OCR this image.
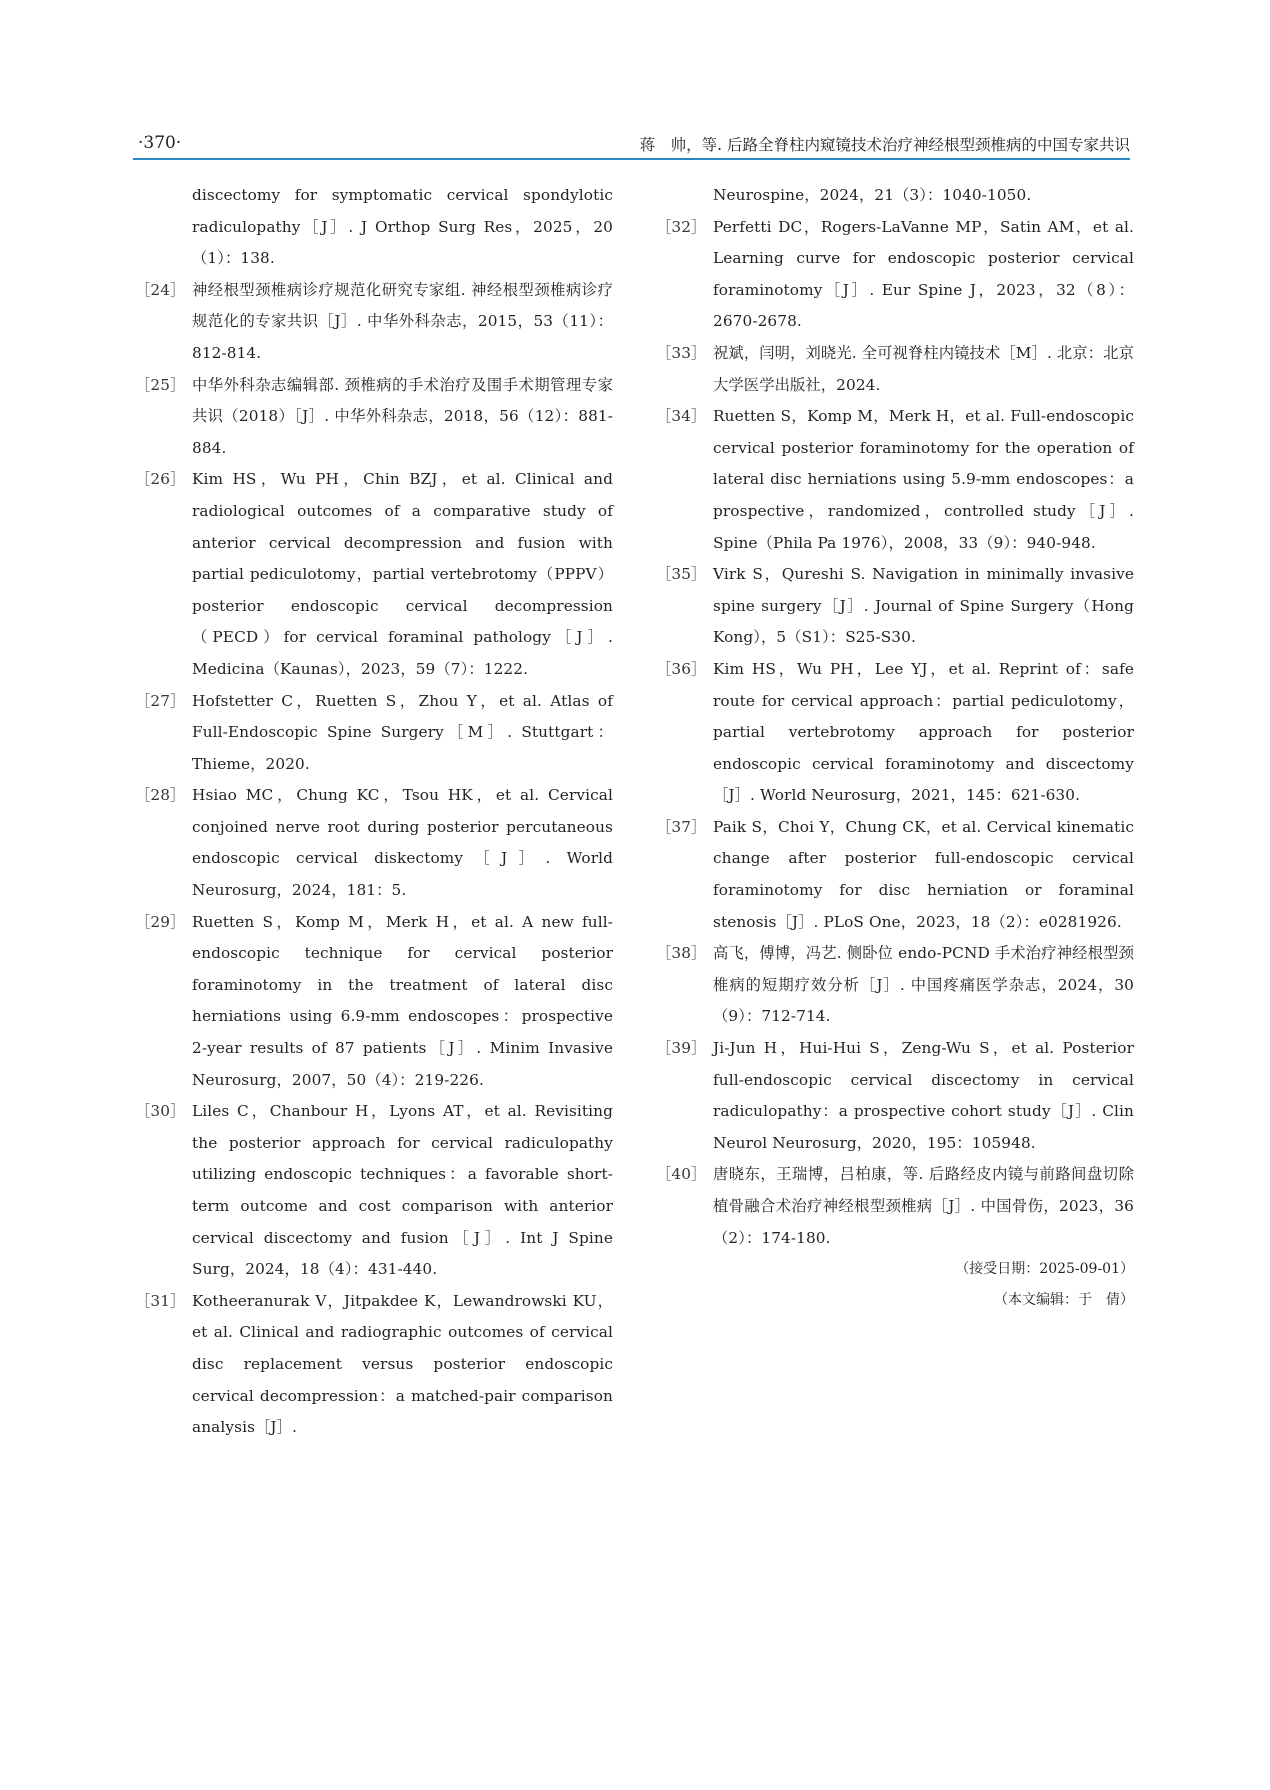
·370·	蒋　帅，等. 后路全脊柱内窥镜技术治疗神经根型颈椎病的中国专家共识
discectomy for symptomatic cervical spondylotic radiculopathy［J］. J Orthop Surg Res，2025，20（1）：138.
［24］ 神经根型颈椎病诊疗规范化研究专家组. 神经根型颈椎病诊疗规范化的专家共识［J］. 中华外科杂志，2015，53（11）：812-814.
［25］ 中华外科杂志编辑部. 颈椎病的手术治疗及围手术期管理专家共识（2018）［J］. 中华外科杂志，2018，56（12）：881-884.
［26］ Kim HS，Wu PH，Chin BZJ，et al. Clinical and radiological outcomes of a comparative study of anterior cervical decompression and fusion with partial pediculotomy，partial vertebrotomy（PPPV）posterior endoscopic cervical decompression（PECD）for cervical foraminal pathology［J］. Medicina（Kaunas），2023，59（7）：1222.
［27］ Hofstetter C，Ruetten S，Zhou Y，et al. Atlas of Full-Endoscopic Spine Surgery［M］. Stuttgart：Thieme，2020.
［28］ Hsiao MC，Chung KC，Tsou HK，et al. Cervical conjoined nerve root during posterior percutaneous endoscopic cervical diskectomy［J］. World Neurosurg，2024，181：5.
［29］ Ruetten S，Komp M，Merk H，et al. A new full-endoscopic technique for cervical posterior foraminotomy in the treatment of lateral disc herniations using 6.9-mm endoscopes：prospective 2-year results of 87 patients［J］. Minim Invasive Neurosurg，2007，50（4）：219-226.
［30］ Liles C，Chanbour H，Lyons AT，et al. Revisiting the posterior approach for cervical radiculopathy utilizing endoscopic techniques：a favorable short-term outcome and cost comparison with anterior cervical discectomy and fusion［J］. Int J Spine Surg，2024，18（4）：431-440.
［31］ Kotheeranurak V，Jitpakdee K，Lewandrowski KU，et al. Clinical and radiographic outcomes of cervical disc replacement versus posterior endoscopic cervical decompression：a matched-pair comparison analysis［J］.
Neurospine，2024，21（3）：1040-1050.
［32］ Perfetti DC，Rogers-LaVanne MP，Satin AM，et al. Learning curve for endoscopic posterior cervical foraminotomy［J］. Eur Spine J，2023，32（8）：2670-2678.
［33］ 祝斌，闫明，刘晓光. 全可视脊柱内镜技术［M］. 北京：北京大学医学出版社，2024.
［34］ Ruetten S，Komp M，Merk H，et al. Full-endoscopic cervical posterior foraminotomy for the operation of lateral disc herniations using 5.9-mm endoscopes：a prospective，randomized，controlled study［J］. Spine（Phila Pa 1976），2008，33（9）：940-948.
［35］ Virk S，Qureshi S. Navigation in minimally invasive spine surgery［J］. Journal of Spine Surgery（Hong Kong），5（S1）：S25-S30.
［36］ Kim HS，Wu PH，Lee YJ，et al. Reprint of：safe route for cervical approach：partial pediculotomy，partial vertebrotomy approach for posterior endoscopic cervical foraminotomy and discectomy［J］. World Neurosurg，2021，145：621-630.
［37］ Paik S，Choi Y，Chung CK，et al. Cervical kinematic change after posterior full-endoscopic cervical foraminotomy for disc herniation or foraminal stenosis［J］. PLoS One，2023，18（2）：e0281926.
［38］ 高飞，傅博，冯艺. 侧卧位 endo-PCND 手术治疗神经根型颈椎病的短期疗效分析［J］. 中国疼痛医学杂志，2024，30（9）：712-714.
［39］ Ji-Jun H，Hui-Hui S，Zeng-Wu S，et al. Posterior full-endoscopic cervical discectomy in cervical radiculopathy：a prospective cohort study［J］. Clin Neurol Neurosurg，2020，195：105948.
［40］ 唐晓东，王瑞博，吕柏康，等. 后路经皮内镜与前路间盘切除植骨融合术治疗神经根型颈椎病［J］. 中国骨伤，2023，36（2）：174-180.
（接受日期：2025-09-01）
（本文编辑：于　倩）
